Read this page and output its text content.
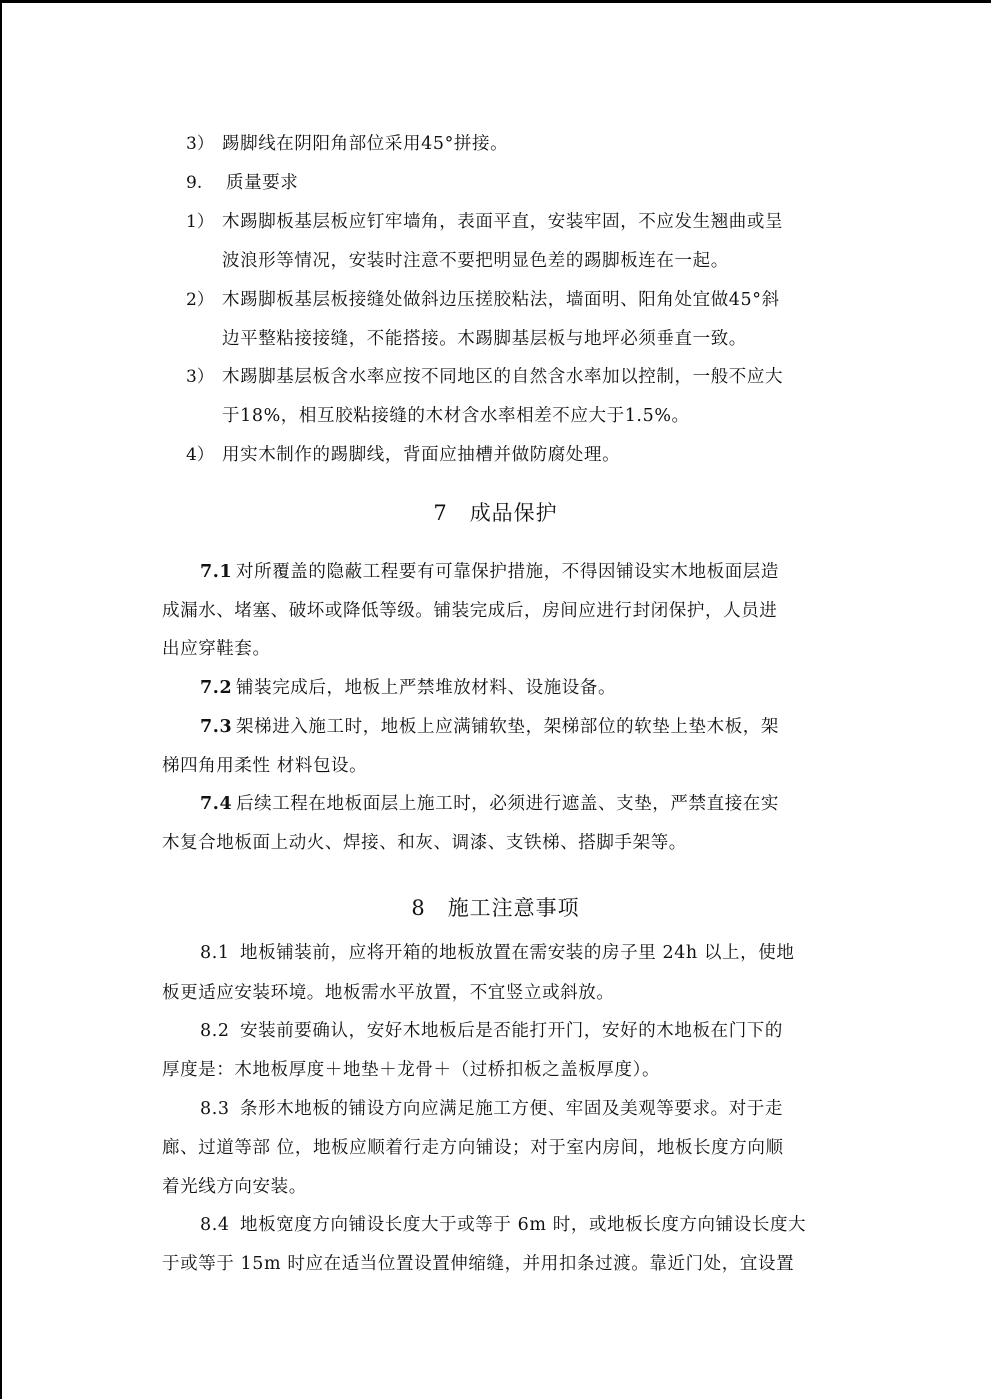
3） 踢脚线在阴阳角部位采用45°拼接。
9. 质量要求
1） 木踢脚板基层板应钉牢墙角，表面平直，安装牢固，不应发生翘曲或呈
波浪形等情况，安装时注意不要把明显色差的踢脚板连在一起。
2） 木踢脚板基层板接缝处做斜边压搓胶粘法，墙面明、阳角处宜做45°斜
边平整粘接接缝，不能搭接。木踢脚基层板与地坪必须垂直一致。
3） 木踢脚基层板含水率应按不同地区的自然含水率加以控制，一般不应大
于18%，相互胶粘接缝的木材含水率相差不应大于1.5%。
4） 用实木制作的踢脚线，背面应抽槽并做防腐处理。
7 成品保护
7.1 对所覆盖的隐蔽工程要有可靠保护措施，不得因铺设实木地板面层造
成漏水、堵塞、破坏或降低等级。铺装完成后，房间应进行封闭保护，人员进
出应穿鞋套。
7.2 铺装完成后，地板上严禁堆放材料、设施设备。
7.3 架梯进入施工时，地板上应满铺软垫，架梯部位的软垫上垫木板，架
梯四角用柔性 材料包设。
7.4 后续工程在地板面层上施工时，必须进行遮盖、支垫，严禁直接在实
木复合地板面上动火、焊接、和灰、调漆、支铁梯、搭脚手架等。
8 施工注意事项
8.1 地板铺装前，应将开箱的地板放置在需安装的房子里 24h 以上，使地
板更适应安装环境。地板需水平放置，不宜竖立或斜放。
8.2 安装前要确认，安好木地板后是否能打开门，安好的木地板在门下的
厚度是：木地板厚度＋地垫＋龙骨＋（过桥扣板之盖板厚度）。
8.3 条形木地板的铺设方向应满足施工方便、牢固及美观等要求。对于走
廊、过道等部 位，地板应顺着行走方向铺设；对于室内房间，地板长度方向顺
着光线方向安装。
8.4 地板宽度方向铺设长度大于或等于 6m 时，或地板长度方向铺设长度大
于或等于 15m 时应在适当位置设置伸缩缝，并用扣条过渡。靠近门处，宜设置
